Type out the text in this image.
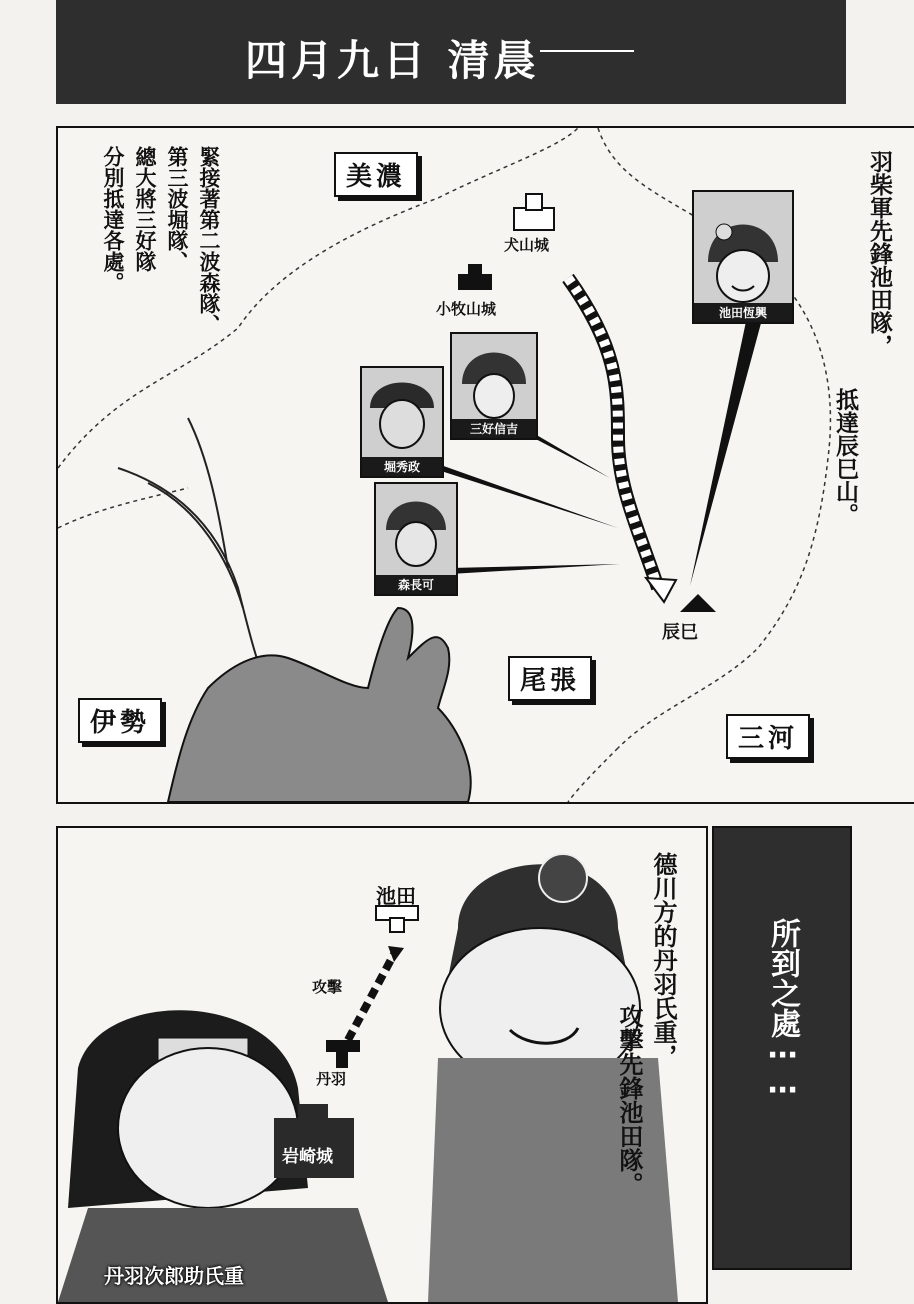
四月九日 清晨
羽柴軍先鋒池田隊，
抵達辰巳山。
緊接著第二波森隊、
第三波堀隊、
總大將三好隊
分別抵達各處。	美濃
尾張
伊勢
三河
犬山城
小牧山城
辰巳
池田恆興
三好信吉
堀秀政
森長可
德川方的丹羽氏重，
攻擊先鋒池田隊。
池田
攻擊
丹羽
岩崎城
丹羽次郎助氏重
所到之處⋯⋯
